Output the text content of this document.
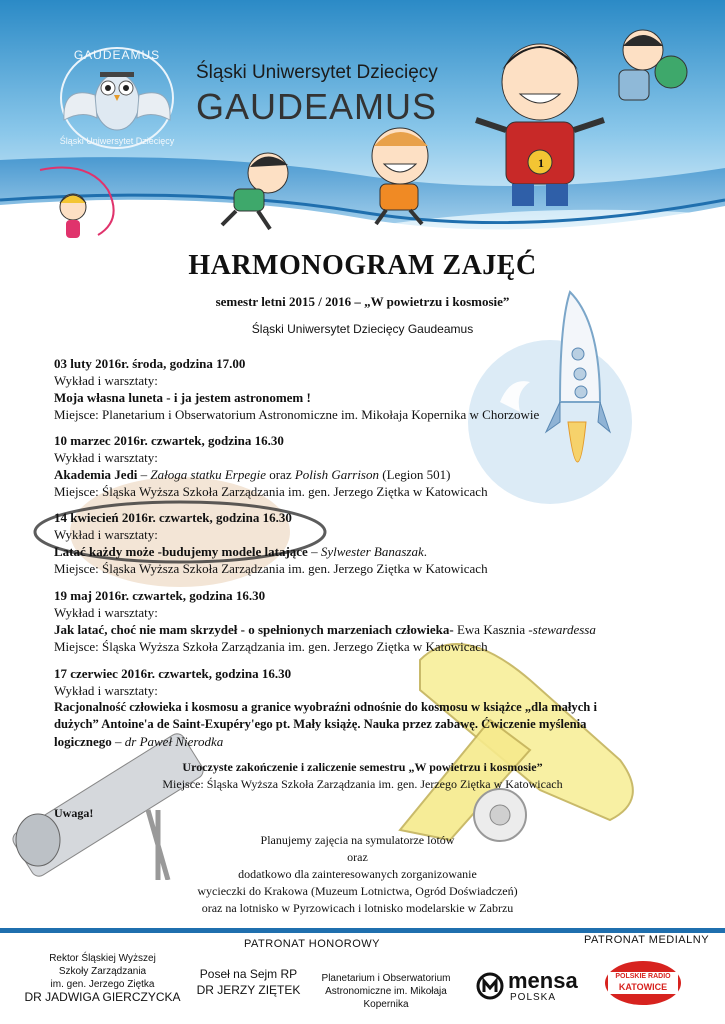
GAUDEAMUS
Śląski Uniwersytet Dziecięcy
Śląski Uniwersytet Dziecięcy
GAUDEAMUS
1
HARMONOGRAM ZAJĘĆ
semestr letni 2015 / 2016 – „W powietrzu i kosmosie”
Śląski Uniwersytet Dziecięcy Gaudeamus
03 luty 2016r. środa, godzina 17.00
Wykład i warsztaty:
Moja własna luneta - i ja jestem astronomem !
Miejsce: Planetarium i Obserwatorium Astronomiczne im. Mikołaja Kopernika w Chorzowie
10 marzec 2016r. czwartek, godzina 16.30
Wykład i warsztaty:
Akademia Jedi – Załoga statku Erpegie oraz Polish Garrison (Legion 501)
Miejsce: Śląska Wyższa Szkoła Zarządzania im. gen. Jerzego Ziętka w Katowicach
14 kwiecień 2016r. czwartek, godzina 16.30
Wykład i warsztaty:
Latać każdy może -budujemy modele latające – Sylwester Banaszak.
Miejsce: Śląska Wyższa Szkoła Zarządzania im. gen. Jerzego Ziętka w Katowicach
19 maj 2016r. czwartek, godzina 16.30
Wykład i warsztaty:
Jak latać, choć nie mam skrzydeł - o spełnionych marzeniach człowieka- Ewa Kasznia -stewardessa
Miejsce: Śląska Wyższa Szkoła Zarządzania im. gen. Jerzego Ziętka w Katowicach
17 czerwiec 2016r. czwartek, godzina 16.30
Wykład i warsztaty:
Racjonalność człowieka i kosmosu a granice wyobraźni odnośnie do kosmosu w książce „dla małych i
dużych” Antoine'a de Saint-Exupéry'ego pt. Mały książę. Nauka przez zabawę. Ćwiczenie myślenia
logicznego – dr Paweł Nierodka
Uroczyste zakończenie i zaliczenie semestru „W powietrzu i kosmosie”
Miejsce: Śląska Wyższa Szkoła Zarządzania im. gen. Jerzego Ziętka w Katowicach
Uwaga!
Planujemy zajęcia na symulatorze lotów
oraz
dodatkowo dla zainteresowanych zorganizowanie
wycieczki do Krakowa (Muzeum Lotnictwa, Ogród Doświadczeń)
oraz na lotnisko w Pyrzowicach i lotnisko modelarskie w Zabrzu
PATRONAT HONOROWY	PATRONAT MEDIALNY
Rektor Śląskiej Wyższej
Szkoły Zarządzania
im. gen. Jerzego Ziętka
DR JADWIGA GIERCZYCKA
Poseł na Sejm RP
DR JERZY ZIĘTEK
Planetarium i Obserwatorium
Astronomiczne im. Mikołaja Kopernika
mensa
POLSKA
POLSKIE RADIO
KATOWICE
